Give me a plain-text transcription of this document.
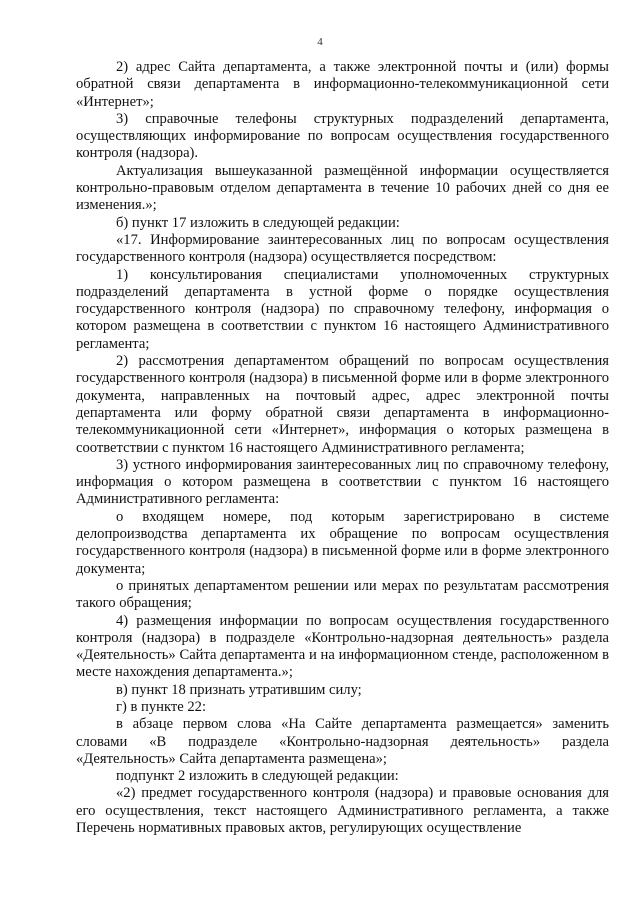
4

2) адрес Сайта департамента, а также электронной почты и (или) формы обратной связи департамента в информационно-телекоммуникационной сети «Интернет»;

3) справочные телефоны структурных подразделений департамента, осуществляющих информирование по вопросам осуществления государственного контроля (надзора).

Актуализация вышеуказанной размещённой информации осуществляется контрольно-правовым отделом департамента в течение 10 рабочих дней со дня ее изменения.»;

б) пункт 17 изложить в следующей редакции:

«17. Информирование заинтересованных лиц по вопросам осуществления государственного контроля (надзора) осуществляется посредством:

1) консультирования специалистами уполномоченных структурных подразделений департамента в устной форме о порядке осуществления государственного контроля (надзора) по справочному телефону, информация о котором размещена в соответствии с пунктом 16 настоящего Административного регламента;

2) рассмотрения департаментом обращений по вопросам осуществления государственного контроля (надзора) в письменной форме или в форме электронного документа, направленных на почтовый адрес, адрес электронной почты департамента или форму обратной связи департамента в информационно-телекоммуникационной сети «Интернет», информация о которых размещена в соответствии с пунктом 16 настоящего Административного регламента;

3) устного информирования заинтересованных лиц по справочному телефону, информация о котором размещена в соответствии с пунктом 16 настоящего Административного регламента:

о входящем номере, под которым зарегистрировано в системе делопроизводства департамента их обращение по вопросам осуществления государственного контроля (надзора) в письменной форме или в форме электронного документа;

о принятых департаментом решении или мерах по результатам рассмотрения такого обращения;

4) размещения информации по вопросам осуществления государственного контроля (надзора) в подразделе «Контрольно-надзорная деятельность» раздела «Деятельность» Сайта департамента и на информационном стенде, расположенном в месте нахождения департамента.»;

в) пункт 18 признать утратившим силу;

г) в пункте 22:

в абзаце первом слова «На Сайте департамента размещается» заменить словами «В подразделе «Контрольно-надзорная деятельность» раздела «Деятельность» Сайта департамента размещена»;

подпункт 2 изложить в следующей редакции:

«2) предмет государственного контроля (надзора) и правовые основания для его осуществления, текст настоящего Административного регламента, а также Перечень нормативных правовых актов, регулирующих осуществление
